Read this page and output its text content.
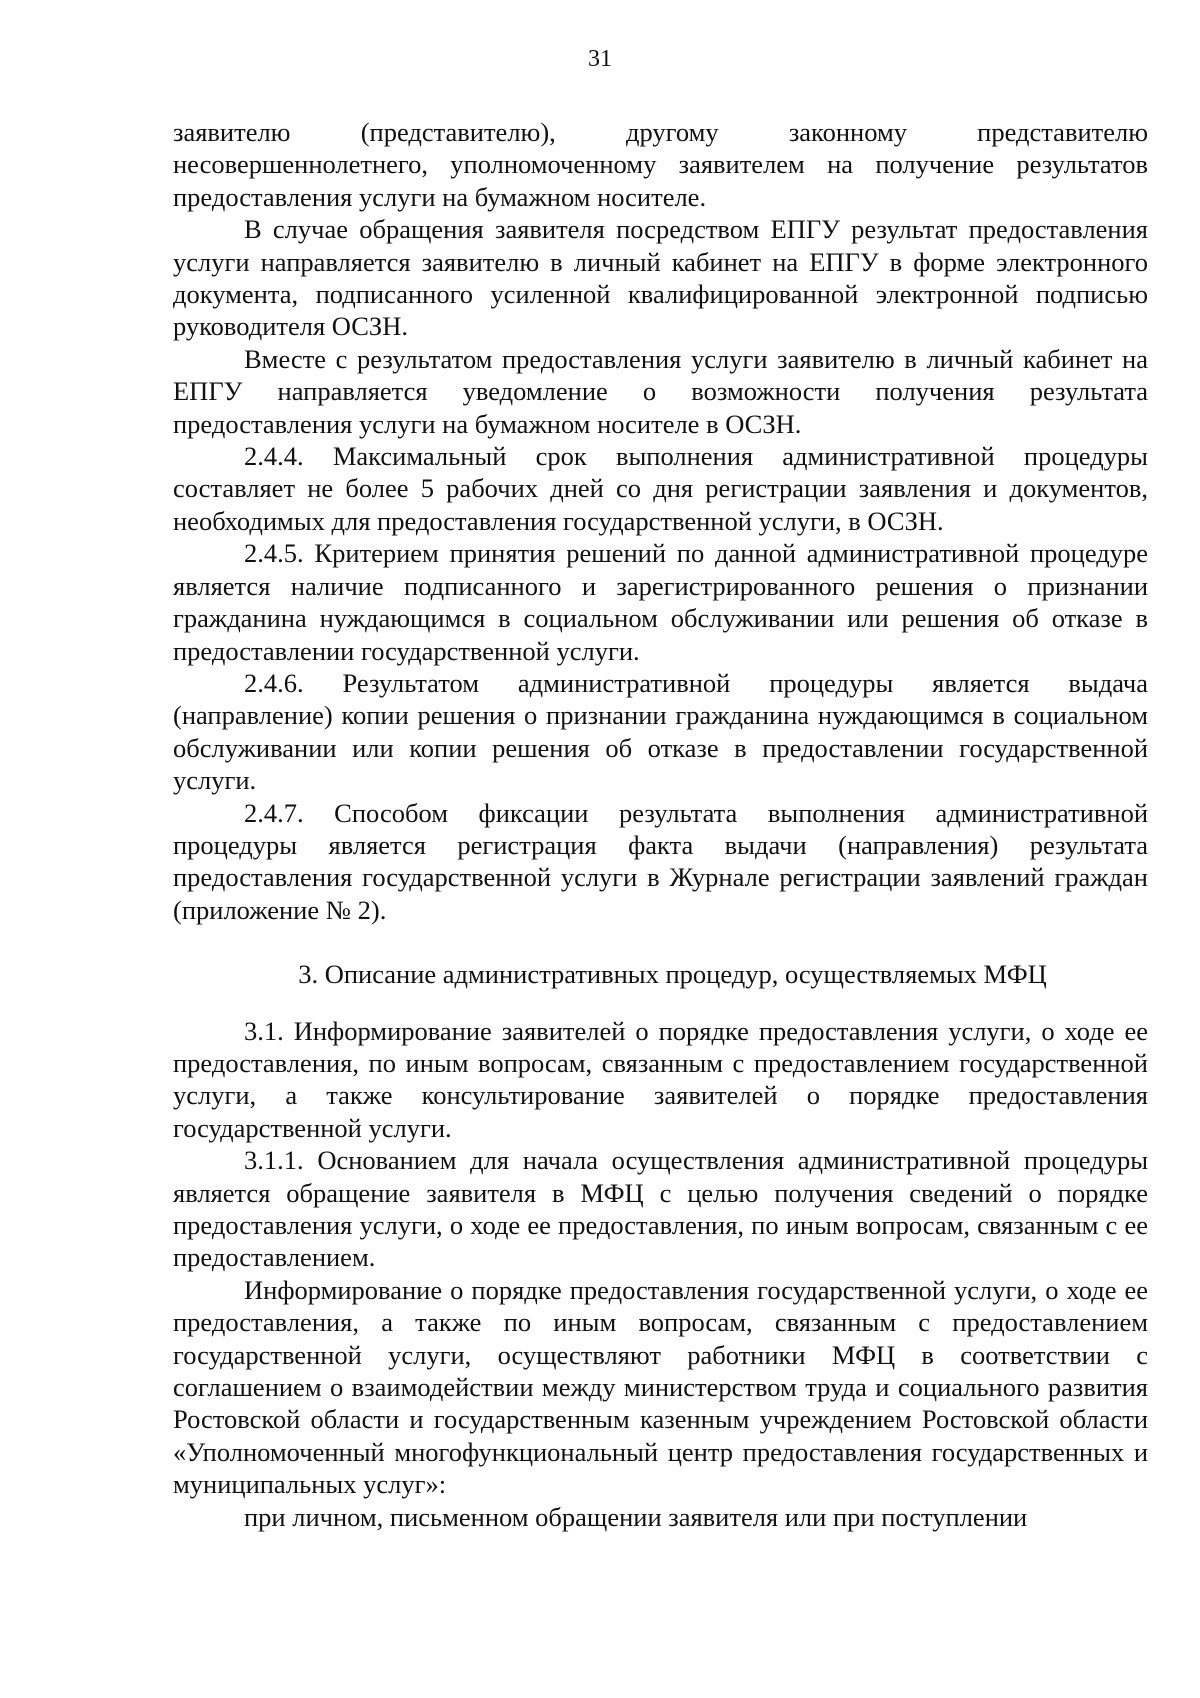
31

заявителю (представителю), другому законному представителю несовершеннолетнего, уполномоченному заявителем на получение результатов предоставления услуги на бумажном носителе.

В случае обращения заявителя посредством ЕПГУ результат предоставления услуги направляется заявителю в личный кабинет на ЕПГУ в форме электронного документа, подписанного усиленной квалифицированной электронной подписью руководителя ОСЗН.

Вместе с результатом предоставления услуги заявителю в личный кабинет на ЕПГУ направляется уведомление о возможности получения результата предоставления услуги на бумажном носителе в ОСЗН.

2.4.4. Максимальный срок выполнения административной процедуры составляет не более 5 рабочих дней со дня регистрации заявления и документов, необходимых для предоставления государственной услуги, в ОСЗН.

2.4.5. Критерием принятия решений по данной административной процедуре является наличие подписанного и зарегистрированного решения о признании гражданина нуждающимся в социальном обслуживании или решения об отказе в предоставлении государственной услуги.

2.4.6. Результатом административной процедуры является выдача (направление) копии решения о признании гражданина нуждающимся в социальном обслуживании или копии решения об отказе в предоставлении государственной услуги.

2.4.7. Способом фиксации результата выполнения административной процедуры является регистрация факта выдачи (направления) результата предоставления государственной услуги в Журнале регистрации заявлений граждан (приложение № 2).

3. Описание административных процедур, осуществляемых МФЦ

3.1. Информирование заявителей о порядке предоставления услуги, о ходе ее предоставления, по иным вопросам, связанным с предоставлением государственной услуги, а также консультирование заявителей о порядке предоставления государственной услуги.

3.1.1. Основанием для начала осуществления административной процедуры является обращение заявителя в МФЦ с целью получения сведений о порядке предоставления услуги, о ходе ее предоставления, по иным вопросам, связанным с ее предоставлением.

Информирование о порядке предоставления государственной услуги, о ходе ее предоставления, а также по иным вопросам, связанным с предоставлением государственной услуги, осуществляют работники МФЦ в соответствии с соглашением о взаимодействии между министерством труда и социального развития Ростовской области и государственным казенным учреждением Ростовской области «Уполномоченный многофункциональный центр предоставления государственных и муниципальных услуг»:

при личном, письменном обращении заявителя или при поступлении
